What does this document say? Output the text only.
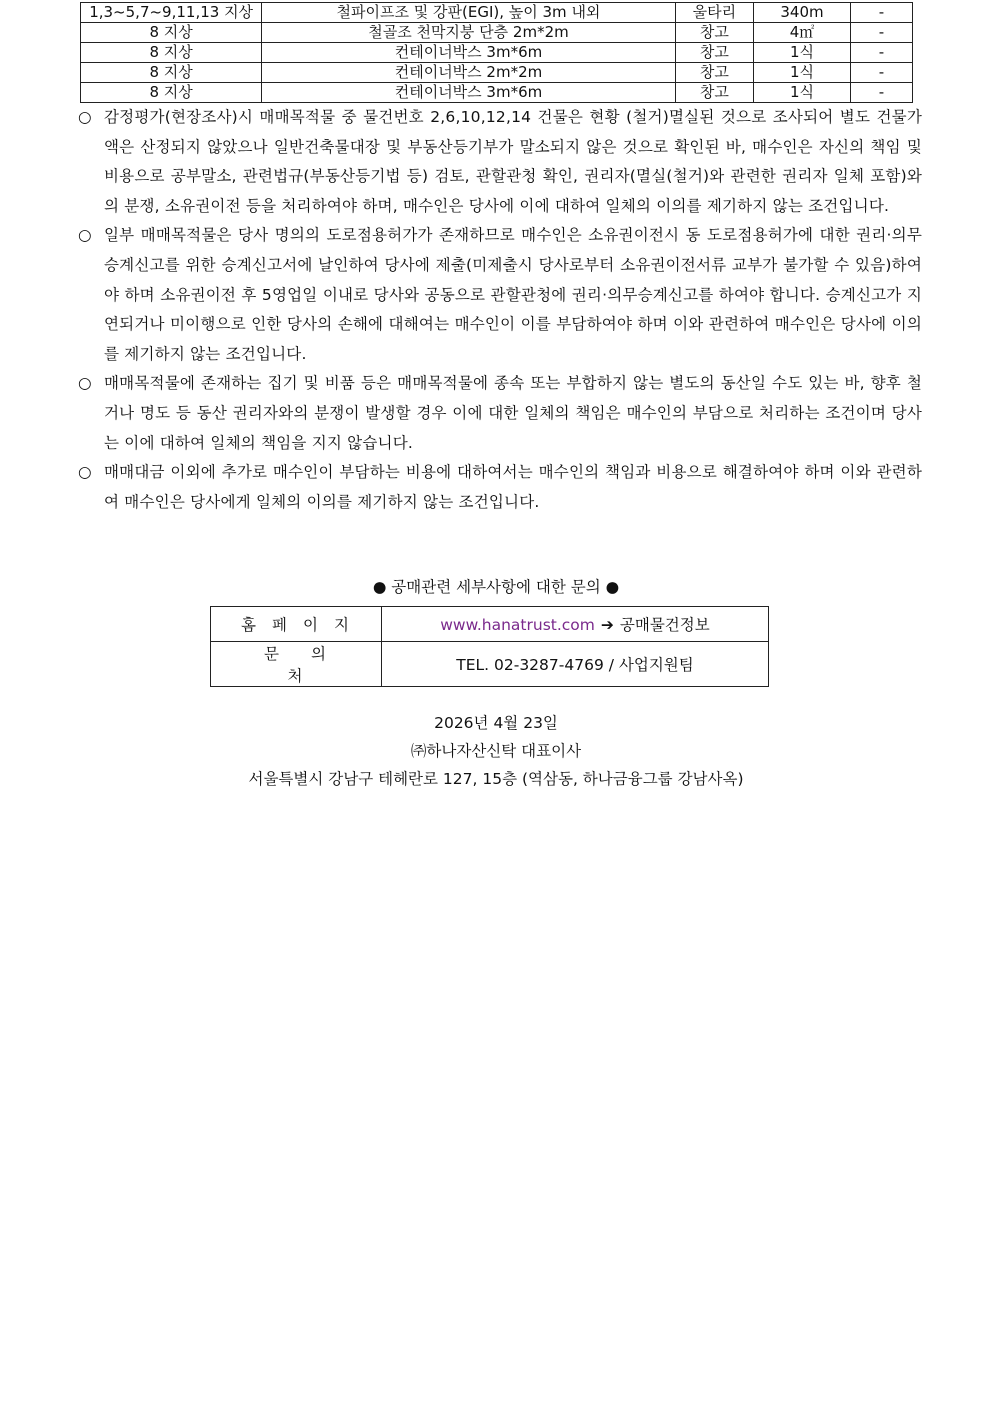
1,3~5,7~9,11,13 지상	철파이프조 및 강판(EGI), 높이 3m 내외	울타리	340m	-
8 지상	철골조 천막지붕 단층 2m*2m	창고	4㎡	-
8 지상	컨테이너박스 3m*6m	창고	1식	-
8 지상	컨테이너박스 2m*2m	창고	1식	-
8 지상	컨테이너박스 3m*6m	창고	1식	-

○ 감정평가(현장조사)시 매매목적물 중 물건번호 2,6,10,12,14 건물은 현황 (철거)멸실된 것으로 조사되어 별도 건물가액은 산정되지 않았으나 일반건축물대장 및 부동산등기부가 말소되지 않은 것으로 확인된 바, 매수인은 자신의 책임 및 비용으로 공부말소, 관련법규(부동산등기법 등) 검토, 관할관청 확인, 권리자(멸실(철거)와 관련한 권리자 일체 포함)와의 분쟁, 소유권이전 등을 처리하여야 하며, 매수인은 당사에 이에 대하여 일체의 이의를 제기하지 않는 조건입니다.

○ 일부 매매목적물은 당사 명의의 도로점용허가가 존재하므로 매수인은 소유권이전시 동 도로점용허가에 대한 권리·의무승계신고를 위한 승계신고서에 날인하여 당사에 제출(미제출시 당사로부터 소유권이전서류 교부가 불가할 수 있음)하여야 하며 소유권이전 후 5영업일 이내로 당사와 공동으로 관할관청에 권리·의무승계신고를 하여야 합니다. 승계신고가 지연되거나 미이행으로 인한 당사의 손해에 대해여는 매수인이 이를 부담하여야 하며 이와 관련하여 매수인은 당사에 이의를 제기하지 않는 조건입니다.

○ 매매목적물에 존재하는 집기 및 비품 등은 매매목적물에 종속 또는 부합하지 않는 별도의 동산일 수도 있는 바, 향후 철거나 명도 등 동산 권리자와의 분쟁이 발생할 경우 이에 대한 일체의 책임은 매수인의 부담으로 처리하는 조건이며 당사는 이에 대하여 일체의 책임을 지지 않습니다.

○ 매매대금 이외에 추가로 매수인이 부담하는 비용에 대하여서는 매수인의 책임과 비용으로 해결하여야 하며 이와 관련하여 매수인은 당사에게 일체의 이의를 제기하지 않는 조건입니다.

● 공매관련 세부사항에 대한 문의 ●
홈페이지	www.hanatrust.com ➔ 공매물건정보
문의처	TEL. 02-3287-4769 / 사업지원팀
2026년 4월 23일
㈜하나자산신탁 대표이사
서울특별시 강남구 테헤란로 127, 15층 (역삼동, 하나금융그룹 강남사옥)
